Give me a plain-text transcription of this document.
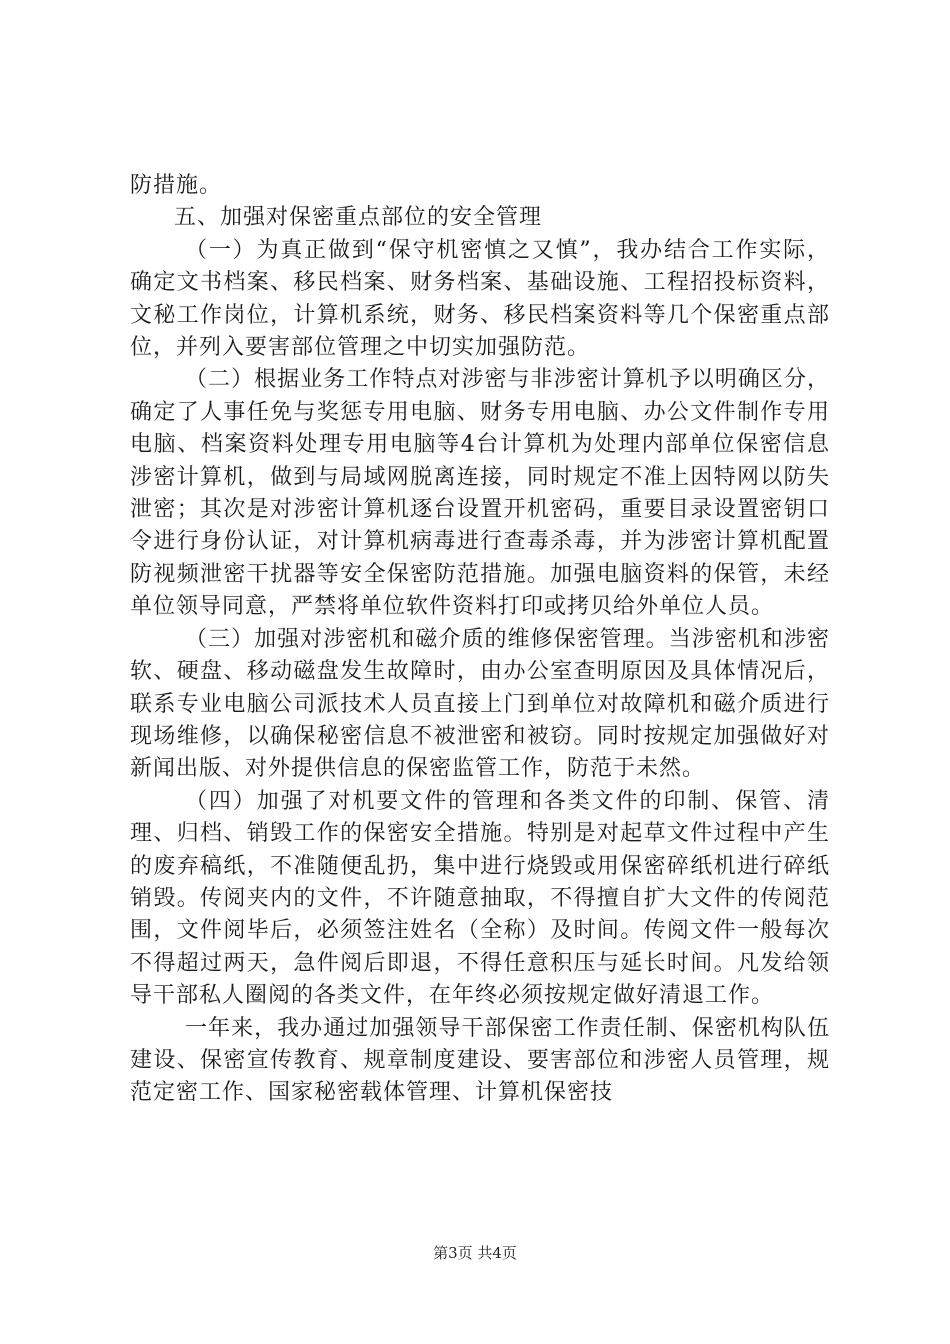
防措施。

五、加强对保密重点部位的安全管理

（一）为真正做到“保守机密慎之又慎”，我办结合工作实际，确定文书档案、移民档案、财务档案、基础设施、工程招投标资料，文秘工作岗位，计算机系统，财务、移民档案资料等几个保密重点部位，并列入要害部位管理之中切实加强防范。

（二）根据业务工作特点对涉密与非涉密计算机予以明确区分，确定了人事任免与奖惩专用电脑、财务专用电脑、办公文件制作专用电脑、档案资料处理专用电脑等4台计算机为处理内部单位保密信息涉密计算机，做到与局域网脱离连接，同时规定不准上因特网以防失泄密；其次是对涉密计算机逐台设置开机密码，重要目录设置密钥口令进行身份认证，对计算机病毒进行查毒杀毒，并为涉密计算机配置防视频泄密干扰器等安全保密防范措施。加强电脑资料的保管，未经单位领导同意，严禁将单位软件资料打印或拷贝给外单位人员。

（三）加强对涉密机和磁介质的维修保密管理。当涉密机和涉密软、硬盘、移动磁盘发生故障时，由办公室查明原因及具体情况后，联系专业电脑公司派技术人员直接上门到单位对故障机和磁介质进行现场维修，以确保秘密信息不被泄密和被窃。同时按规定加强做好对新闻出版、对外提供信息的保密监管工作，防范于未然。

（四）加强了对机要文件的管理和各类文件的印制、保管、清理、归档、销毁工作的保密安全措施。特别是对起草文件过程中产生的废弃稿纸，不准随便乱扔，集中进行烧毁或用保密碎纸机进行碎纸销毁。传阅夹内的文件，不许随意抽取，不得擅自扩大文件的传阅范围，文件阅毕后，必须签注姓名（全称）及时间。传阅文件一般每次不得超过两天，急件阅后即退，不得任意积压与延长时间。凡发给领导干部私人圈阅的各类文件，在年终必须按规定做好清退工作。

一年来，我办通过加强领导干部保密工作责任制、保密机构队伍建设、保密宣传教育、规章制度建设、要害部位和涉密人员管理，规范定密工作、国家秘密载体管理、计算机保密技

第3页 共4页
